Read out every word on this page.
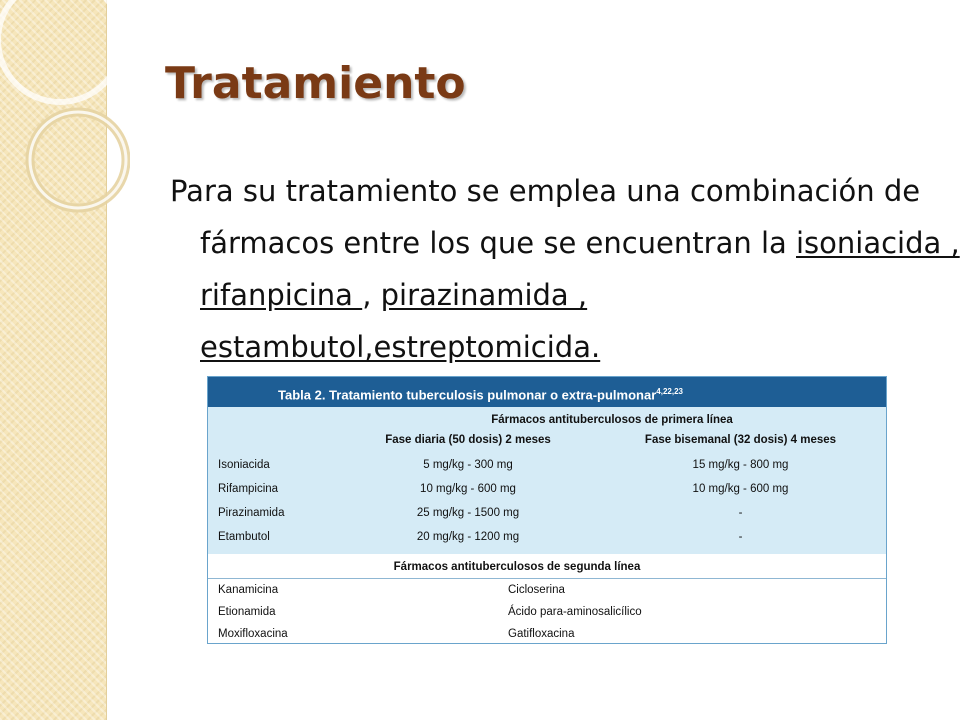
Tratamiento

Para su tratamiento se emplea una combinación de fármacos entre los que se encuentran la isoniacida , rifanpicina , pirazinamida , estambutol,estreptomicida.

Tabla 2. Tratamiento tuberculosis pulmonar o extra-pulmonar$^{4,22,23}$
Fármacos antituberculosos de primera línea
Fase diaria (50 dosis) 2 meses	Fase bisemanal (32 dosis) 4 meses
Isoniacida	5 mg/kg - 300 mg	15 mg/kg - 800 mg
Rifampicina	10 mg/kg - 600 mg	10 mg/kg - 600 mg
Pirazinamida	25 mg/kg - 1500 mg	-
Etambutol	20 mg/kg - 1200 mg	-
Fármacos antituberculosos de segunda línea
Kanamicina	Cicloserina
Etionamida	Ácido para-aminosalicílico
Moxifloxacina	Gatifloxacina
